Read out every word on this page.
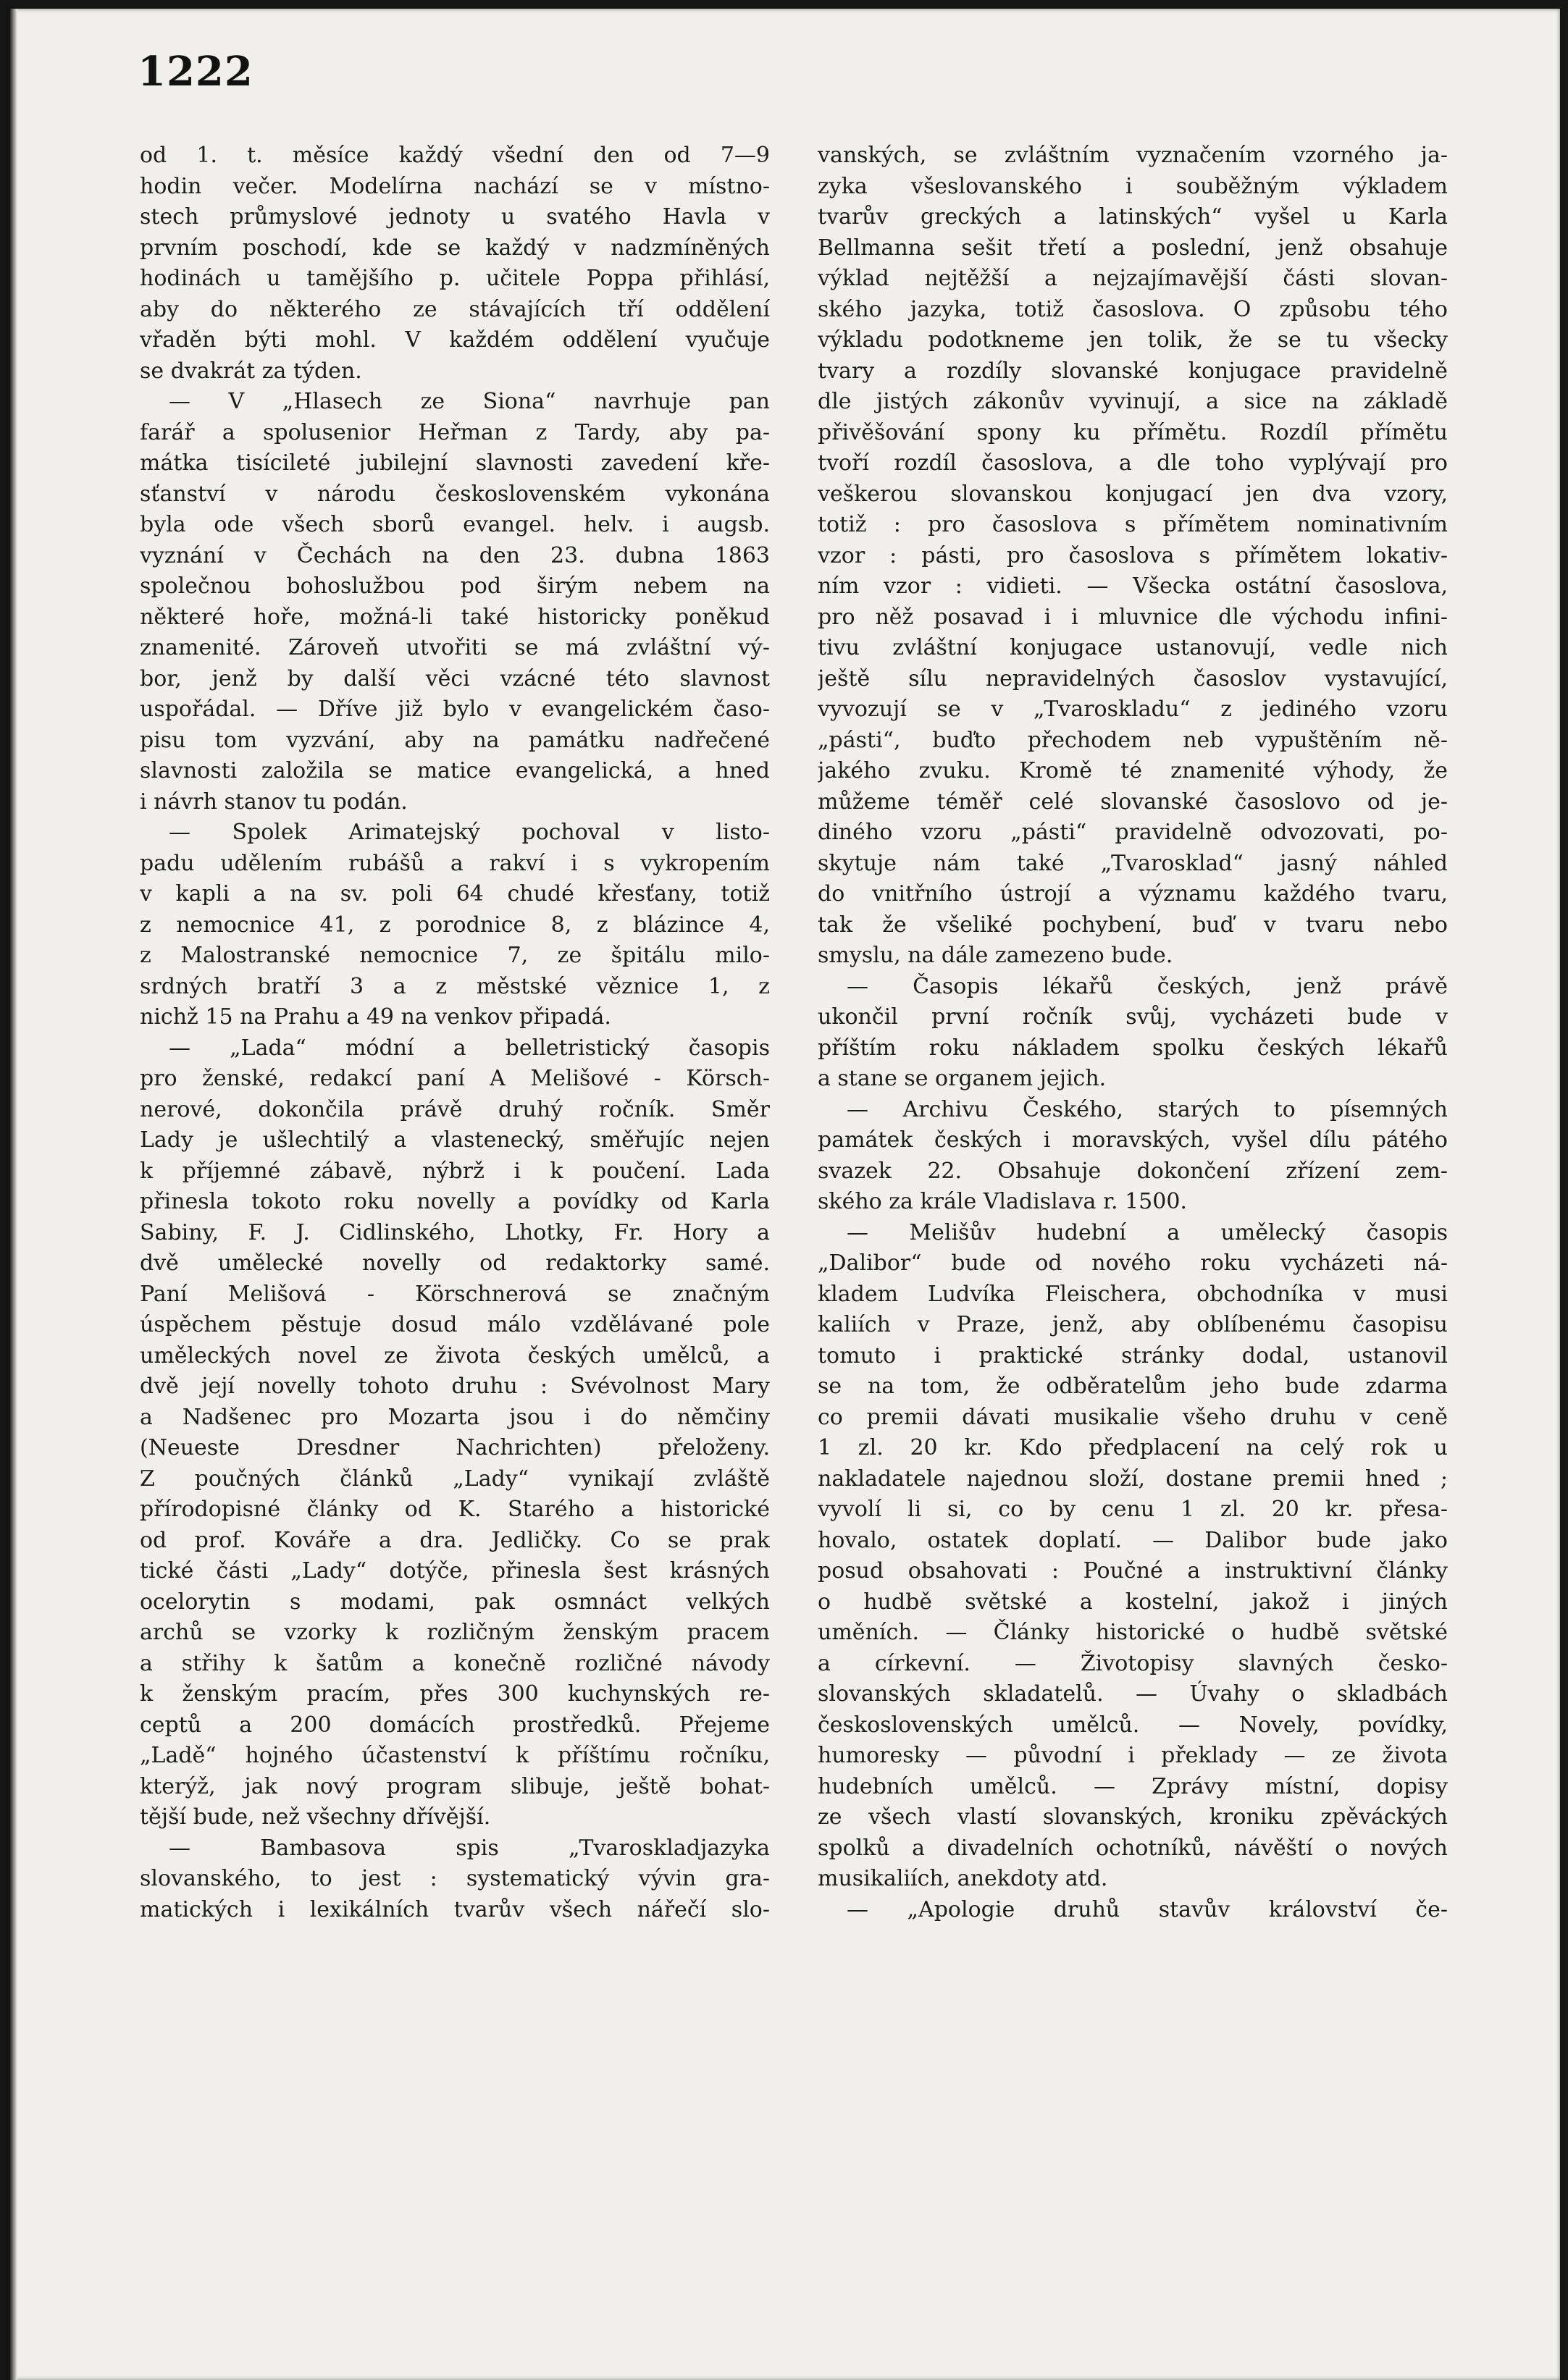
1222
od 1. t. měsíce každý všední den od 7—9
hodin večer. Modelírna nachází se v místno-
stech průmyslové jednoty u svatého Havla v
prvním poschodí, kde se každý v nadzmíněných
hodinách u tamějšího p. učitele Poppa přihlásí,
aby do některého ze stávajících tří oddělení
vřaděn býti mohl. V každém oddělení vyučuje
se dvakrát za týden.
— V „Hlasech ze Siona“ navrhuje pan
farář a spolusenior Heřman z Tardy, aby pa-
mátka tisícileté jubilejní slavnosti zavedení kře-
sťanství v národu československém vykonána
byla ode všech sborů evangel. helv. i augsb.
vyznání v Čechách na den 23. dubna 1863
společnou bohoslužbou pod širým nebem na
některé hoře, možná-li také historicky poněkud
znamenité. Zároveň utvořiti se má zvláštní vý-
bor, jenž by další věci vzácné této slavnost
uspořádal. — Dříve již bylo v evangelickém časo-
pisu tom vyzvání, aby na památku nadřečené
slavnosti založila se matice evangelická, a hned
i návrh stanov tu podán.
— Spolek Arimatejský pochoval v listo-
padu udělením rubášů a rakví i s vykropením
v kapli a na sv. poli 64 chudé křesťany, totiž
z nemocnice 41, z porodnice 8, z blázince 4,
z Malostranské nemocnice 7, ze špitálu milo-
srdných bratří 3 a z městské věznice 1, z
nichž 15 na Prahu a 49 na venkov připadá.
— „Lada“ módní a belletristický časopis
pro ženské, redakcí paní A Melišové - Körsch-
nerové, dokončila právě druhý ročník. Směr
Lady je ušlechtilý a vlastenecký, směřujíc nejen
k příjemné zábavě, nýbrž i k poučení. Lada
přinesla tokoto roku novelly a povídky od Karla
Sabiny, F. J. Cidlinského, Lhotky, Fr. Hory a
dvě umělecké novelly od redaktorky samé.
Paní Melišová - Körschnerová se značným
úspěchem pěstuje dosud málo vzdělávané pole
uměleckých novel ze života českých umělců, a
dvě její novelly tohoto druhu : Svévolnost Mary
a Nadšenec pro Mozarta jsou i do němčiny
(Neueste Dresdner Nachrichten) přeloženy.
Z poučných článků „Lady“ vynikají zvláště
přírodopisné články od K. Starého a historické
od prof. Kováře a dra. Jedličky. Co se prak
tické části „Lady“ dotýče, přinesla šest krásných
ocelorytin s modami, pak osmnáct velkých
archů se vzorky k rozličným ženským pracem
a střihy k šatům a konečně rozličné návody
k ženským pracím, přes 300 kuchynských re-
ceptů a 200 domácích prostředků. Přejeme
„Ladě“ hojného účastenství k příštímu ročníku,
kterýž, jak nový program slibuje, ještě bohat-
tější bude, než všechny dřívější.
— Bambasova spis „Tvaroskladjazyka
slovanského, to jest : systematický vývin gra-
matických i lexikálních tvarův všech nářečí slo-
vanských, se zvláštním vyznačením vzorného ja-
zyka všeslovanského i souběžným výkladem
tvarův greckých a latinských“ vyšel u Karla
Bellmanna sešit třetí a poslední, jenž obsahuje
výklad nejtěžší a nejzajímavější části slovan-
ského jazyka, totiž časoslova. O způsobu tého
výkladu podotkneme jen tolik, že se tu všecky
tvary a rozdíly slovanské konjugace pravidelně
dle jistých zákonův vyvinují, a sice na základě
přivěšování spony ku přímětu. Rozdíl přímětu
tvoří rozdíl časoslova, a dle toho vyplývají pro
veškerou slovanskou konjugací jen dva vzory,
totiž : pro časoslova s přímětem nominativním
vzor : pásti, pro časoslova s přímětem lokativ-
ním vzor : vidieti. — Všecka ostátní časoslova,
pro něž posavad i i mluvnice dle východu infini-
tivu zvláštní konjugace ustanovují, vedle nich
ještě sílu nepravidelných časoslov vystavující,
vyvozují se v „Tvaroskladu“ z jediného vzoru
„pásti“, buďto přechodem neb vypuštěním ně-
jakého zvuku. Kromě té znamenité výhody, že
můžeme téměř celé slovanské časoslovo od je-
diného vzoru „pásti“ pravidelně odvozovati, po-
skytuje nám také „Tvarosklad“ jasný náhled
do vnitřního ústrojí a významu každého tvaru,
tak že všeliké pochybení, buď v tvaru nebo
smyslu, na dále zamezeno bude.
— Časopis lékařů českých, jenž právě
ukončil první ročník svůj, vycházeti bude v
příštím roku nákladem spolku českých lékařů
a stane se organem jejich.
— Archivu Českého, starých to písemných
památek českých i moravských, vyšel dílu pátého
svazek 22. Obsahuje dokončení zřízení zem-
ského za krále Vladislava r. 1500.
— Melišův hudební a umělecký časopis
„Dalibor“ bude od nového roku vycházeti ná-
kladem Ludvíka Fleischera, obchodníka v musi
kaliích v Praze, jenž, aby oblíbenému časopisu
tomuto i praktické stránky dodal, ustanovil
se na tom, že odběratelům jeho bude zdarma
co premii dávati musikalie všeho druhu v ceně
1 zl. 20 kr. Kdo předplacení na celý rok u
nakladatele najednou složí, dostane premii hned ;
vyvolí li si, co by cenu 1 zl. 20 kr. přesa-
hovalo, ostatek doplatí. — Dalibor bude jako
posud obsahovati : Poučné a instruktivní články
o hudbě světské a kostelní, jakož i jiných
uměních. — Články historické o hudbě světské
a církevní. — Životopisy slavných česko-
slovanských skladatelů. — Úvahy o skladbách
československých umělců. — Novely, povídky,
humoresky — původní i překlady — ze života
hudebních umělců. — Zprávy místní, dopisy
ze všech vlastí slovanských, kroniku zpěváckých
spolků a divadelních ochotníků, návěští o nových
musikaliích, anekdoty atd.
— „Apologie druhů stavův království če-
